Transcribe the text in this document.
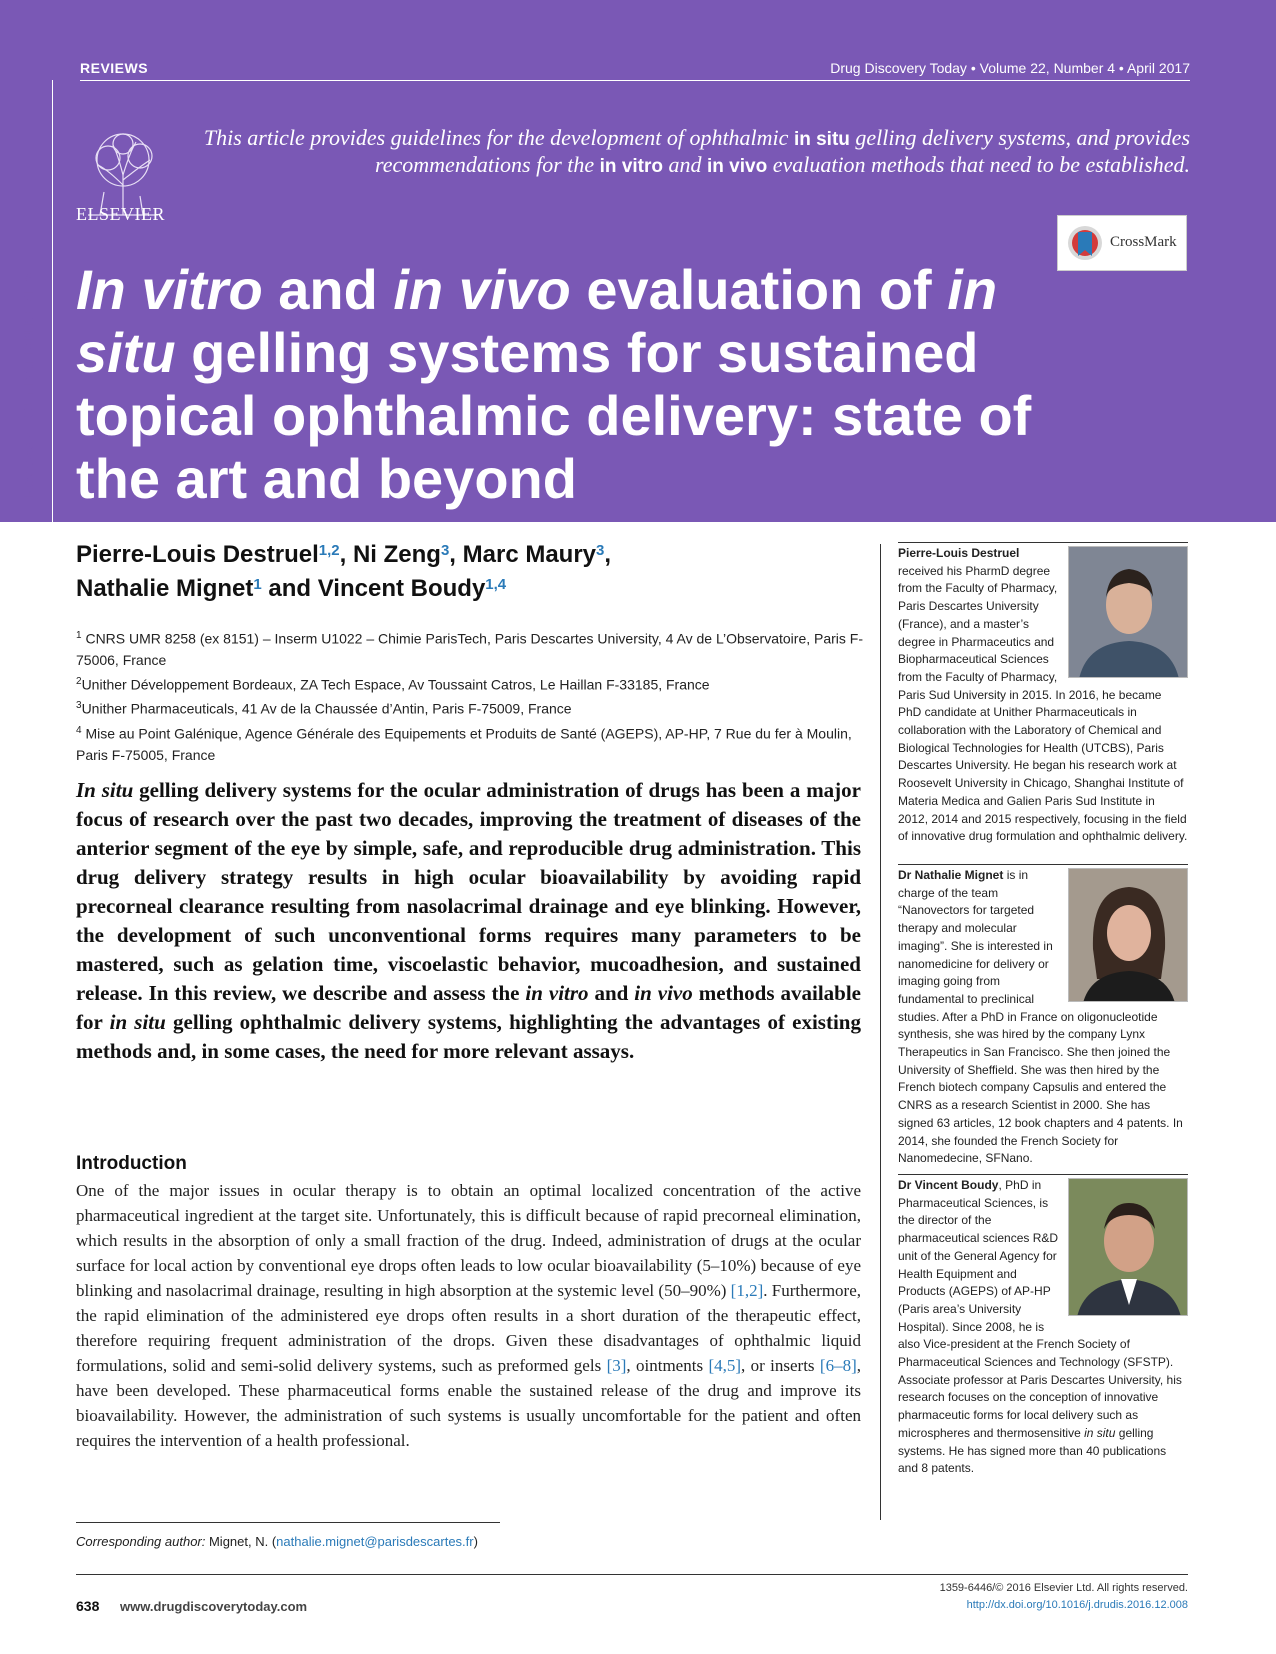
REVIEWS	Drug Discovery Today • Volume 22, Number 4 • April 2017
ELSEVIER
This article provides guidelines for the development of ophthalmic in situ gelling delivery systems, and provides recommendations for the in vitro and in vivo evaluation methods that need to be established.
CrossMark
Reviews • FOUNDATION REVIEW In vitro and in vivo evaluation of in situ gelling systems for sustained topical ophthalmic delivery: state of the art and beyond
Pierre-Louis Destruel$^{1,2}$, Ni Zeng$^3$, Marc Maury$^3$,
Nathalie Mignet$^1$ and Vincent Boudy$^{1,4}$
$^1$ CNRS UMR 8258 (ex 8151) – Inserm U1022 – Chimie ParisTech, Paris Descartes University, 4 Av de L’Observatoire, Paris F-75006, France
$^2$Unither Développement Bordeaux, ZA Tech Espace, Av Toussaint Catros, Le Haillan F-33185, France
$^3$Unither Pharmaceuticals, 41 Av de la Chaussée d’Antin, Paris F-75009, France
$^4$ Mise au Point Galénique, Agence Générale des Equipements et Produits de Santé (AGEPS), AP-HP, 7 Rue du fer à Moulin, Paris F-75005, France
In situ gelling delivery systems for the ocular administration of drugs has been a major focus of research over the past two decades, improving the treatment of diseases of the anterior segment of the eye by simple, safe, and reproducible drug administration. This drug delivery strategy results in high ocular bioavailability by avoiding rapid precorneal clearance resulting from nasolacrimal drainage and eye blinking. However, the development of such unconventional forms requires many parameters to be mastered, such as gelation time, viscoelastic behavior, mucoadhesion, and sustained release. In this review, we describe and assess the in vitro and in vivo methods available for in situ gelling ophthalmic delivery systems, highlighting the advantages of existing methods and, in some cases, the need for more relevant assays.
Introduction
One of the major issues in ocular therapy is to obtain an optimal localized concentration of the active pharmaceutical ingredient at the target site. Unfortunately, this is difficult because of rapid precorneal elimination, which results in the absorption of only a small fraction of the drug. Indeed, administration of drugs at the ocular surface for local action by conventional eye drops often leads to low ocular bioavailability (5–10%) because of eye blinking and nasolacrimal drainage, resulting in high absorption at the systemic level (50–90%) [1,2]. Furthermore, the rapid elimination of the administered eye drops often results in a short duration of the therapeutic effect, therefore requiring frequent administration of the drops. Given these disadvantages of ophthalmic liquid formulations, solid and semi-solid delivery systems, such as preformed gels [3], ointments [4,5], or inserts [6–8], have been developed. These pharmaceutical forms enable the sustained release of the drug and improve its bioavailability. However, the administration of such systems is usually uncomfortable for the patient and often requires the intervention of a health professional.
Corresponding author: Mignet, N. (nathalie.mignet@parisdescartes.fr)
Pierre-Louis Destruel received his PharmD degree from the Faculty of Pharmacy, Paris Descartes University (France), and a master’s degree in Pharmaceutics and Biopharmaceutical Sciences from the Faculty of Pharmacy, Paris Sud University in 2015. In 2016, he became PhD candidate at Unither Pharmaceuticals in collaboration with the Laboratory of Chemical and Biological Technologies for Health (UTCBS), Paris Descartes University. He began his research work at Roosevelt University in Chicago, Shanghai Institute of Materia Medica and Galien Paris Sud Institute in 2012, 2014 and 2015 respectively, focusing in the field of innovative drug formulation and ophthalmic delivery.
Dr Nathalie Mignet is in charge of the team “Nanovectors for targeted therapy and molecular imaging”. She is interested in nanomedicine for delivery or imaging going from fundamental to preclinical studies. After a PhD in France on oligonucleotide synthesis, she was hired by the company Lynx Therapeutics in San Francisco. She then joined the University of Sheffield. She was then hired by the French biotech company Capsulis and entered the CNRS as a research Scientist in 2000. She has signed 63 articles, 12 book chapters and 4 patents. In 2014, she founded the French Society for Nanomedecine, SFNano.
Dr Vincent Boudy, PhD in Pharmaceutical Sciences, is the director of the pharmaceutical sciences R&D unit of the General Agency for Health Equipment and Products (AGEPS) of AP-HP (Paris area’s University Hospital). Since 2008, he is also Vice-president at the French Society of Pharmaceutical Sciences and Technology (SFSTP). Associate professor at Paris Descartes University, his research focuses on the conception of innovative pharmaceutic forms for local delivery such as microspheres and thermosensitive in situ gelling systems. He has signed more than 40 publications and 8 patents.
638 www.drugdiscoverytoday.com
1359-6446/© 2016 Elsevier Ltd. All rights reserved.
http://dx.doi.org/10.1016/j.drudis.2016.12.008
